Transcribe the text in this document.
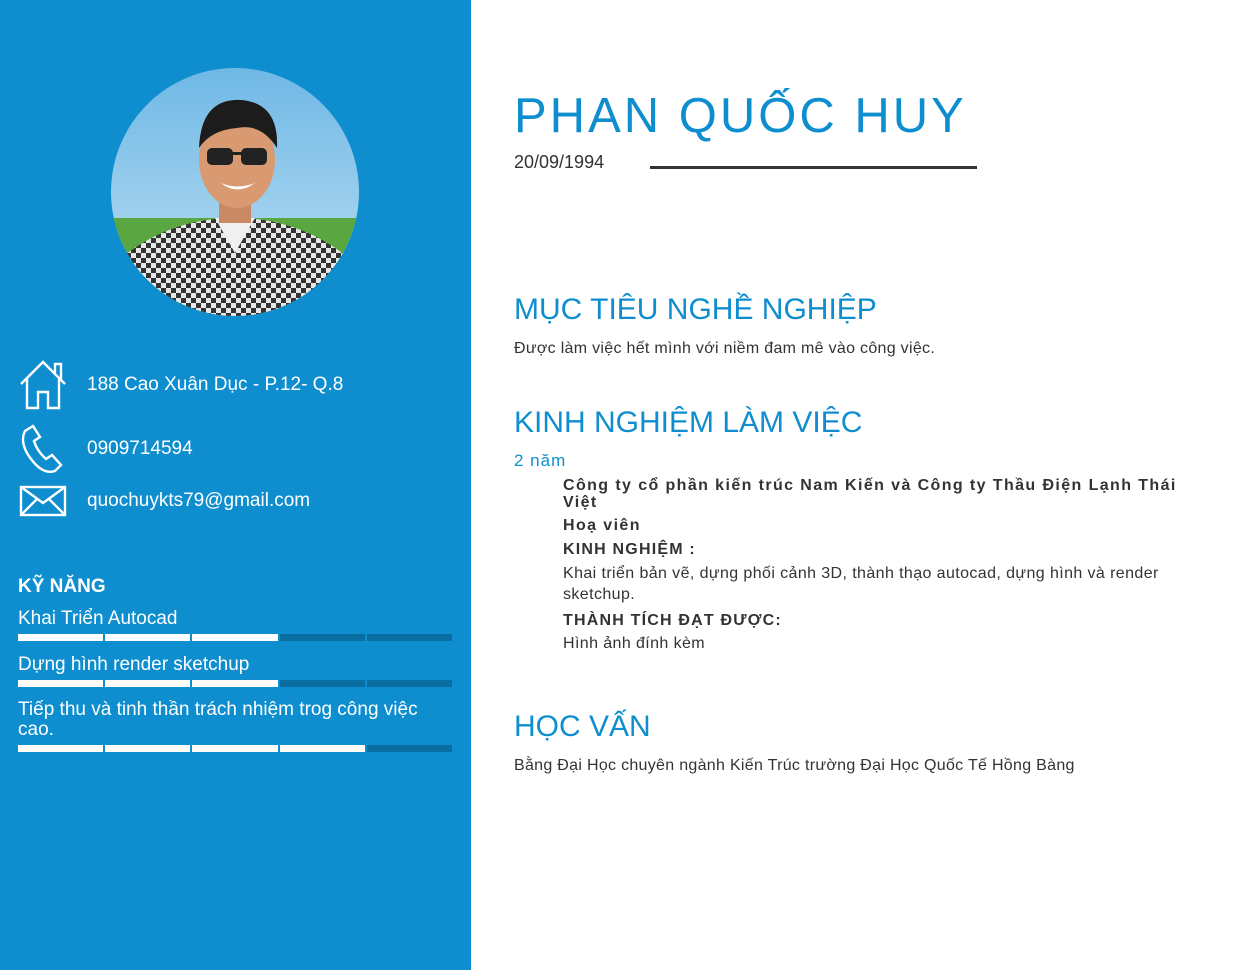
188 Cao Xuân Dục - P.12- Q.8
0909714594
quochuykts79@gmail.com
KỸ NĂNG
Khai Triển Autocad
Dựng hình render sketchup
Tiếp thu và tinh thần trách nhiệm trog công việc cao.
PHAN QUỐC HUY
20/09/1994
MỤC TIÊU NGHỀ NGHIỆP
Được làm việc hết mình với niềm đam mê vào công việc.
KINH NGHIỆM LÀM VIỆC
2 năm
Công ty cổ phần kiến trúc Nam Kiến và Công ty Thầu Điện Lạnh Thái Việt
Hoạ viên
KINH NGHIỆM :
Khai triển bản vẽ, dựng phối cảnh 3D, thành thạo autocad, dựng hình và render sketchup.
THÀNH TÍCH ĐẠT ĐƯỢC:
Hình ảnh đính kèm
HỌC VẤN
Bằng Đại Học chuyên ngành Kiến Trúc trường Đại Học Quốc Tế Hồng Bàng
